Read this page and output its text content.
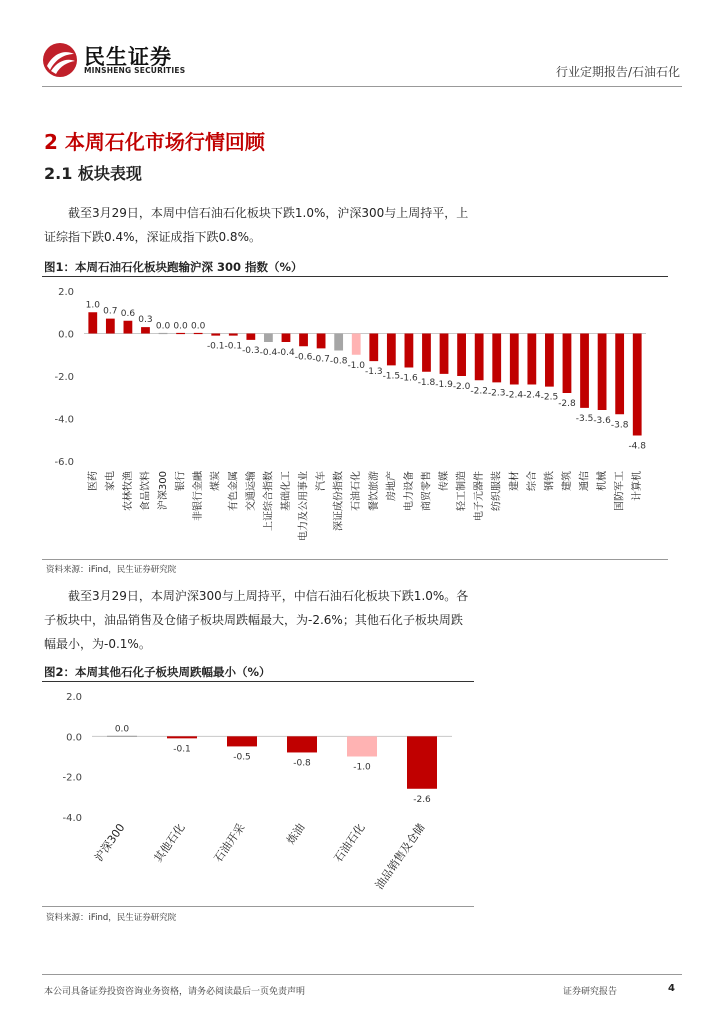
民生证券
MINSHENG SECURITIES	行业定期报告/石油石化
2 本周石化市场行情回顾
2.1 板块表现
截至3月29日，本周中信石油石化板块下跌1.0%，沪深300与上周持平，上证综指下跌0.4%，深证成指下跌0.8%。
图1：本周石油石化板块跑输沪深 300 指数（%）
2.0
0.0
-2.0
-4.0
-6.0
1.0
医药
0.7
家电
0.6
农林牧渔
0.3
食品饮料
0.0
沪深300
0.0
银行
0.0
非银行金融
-0.1
煤炭
-0.1
有色金属
-0.3
交通运输
-0.4
上证综合指数
-0.4
基础化工
-0.6
电力及公用事业
-0.7
汽车
-0.8
深证成份指数
-1.0
石油石化
-1.3
餐饮旅游
-1.5
房地产
-1.6
电力设备
-1.8
商贸零售
-1.9
传媒
-2.0
轻工制造
-2.2
电子元器件
-2.3
纺织服装
-2.4
建材
-2.4
综合
-2.5
钢铁
-2.8
建筑
-3.5
通信
-3.6
机械
-3.8
国防军工
-4.8
计算机
资料来源：iFind，民生证券研究院
截至3月29日，本周沪深300与上周持平，中信石油石化板块下跌1.0%。各子板块中，油品销售及仓储子板块周跌幅最大，为-2.6%；其他石化子板块周跌幅最小，为-0.1%。
图2：本周其他石化子板块周跌幅最小（%）
2.0
0.0
-2.0
-4.0
0.0
沪深300
-0.1
其他石化
-0.5
石油开采
-0.8
炼油
-1.0
石油石化
-2.6
油品销售及仓储
资料来源：iFind，民生证券研究院
本公司具备证券投资咨询业务资格，请务必阅读最后一页免责声明	证券研究报告	4
